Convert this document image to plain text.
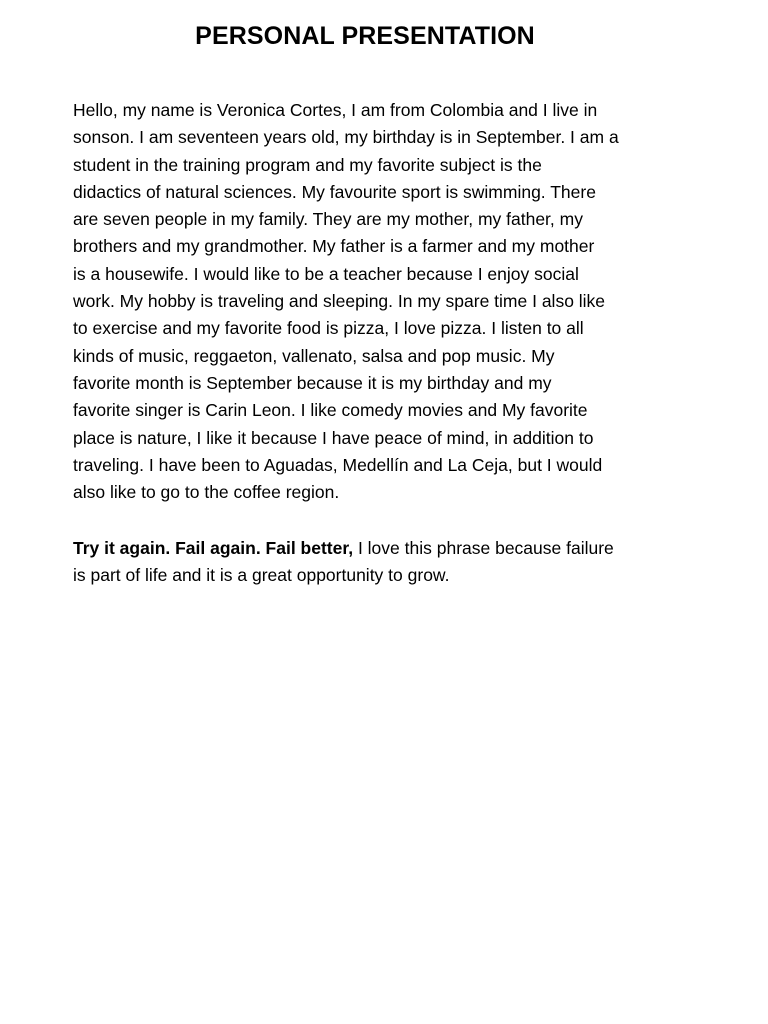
PERSONAL PRESENTATION
Hello, my name is Veronica Cortes, I am from Colombia and I live in
sonson. I am seventeen years old, my birthday is in September. I am a
student in the training program and my favorite subject is the
didactics of natural sciences. My favourite sport is swimming. There
are seven people in my family. They are my mother, my father, my
brothers and my grandmother. My father is a farmer and my mother
is a housewife. I would like to be a teacher because I enjoy social
work. My hobby is traveling and sleeping. In my spare time I also like
to exercise and my favorite food is pizza, I love pizza. I listen to all
kinds of music, reggaeton, vallenato, salsa and pop music. My
favorite month is September because it is my birthday and my
favorite singer is Carin Leon. I like comedy movies and My favorite
place is nature, I like it because I have peace of mind, in addition to
traveling. I have been to Aguadas, Medellín and La Ceja, but I would
also like to go to the coffee region.
Try it again. Fail again. Fail better, I love this phrase because failure
is part of life and it is a great opportunity to grow.
